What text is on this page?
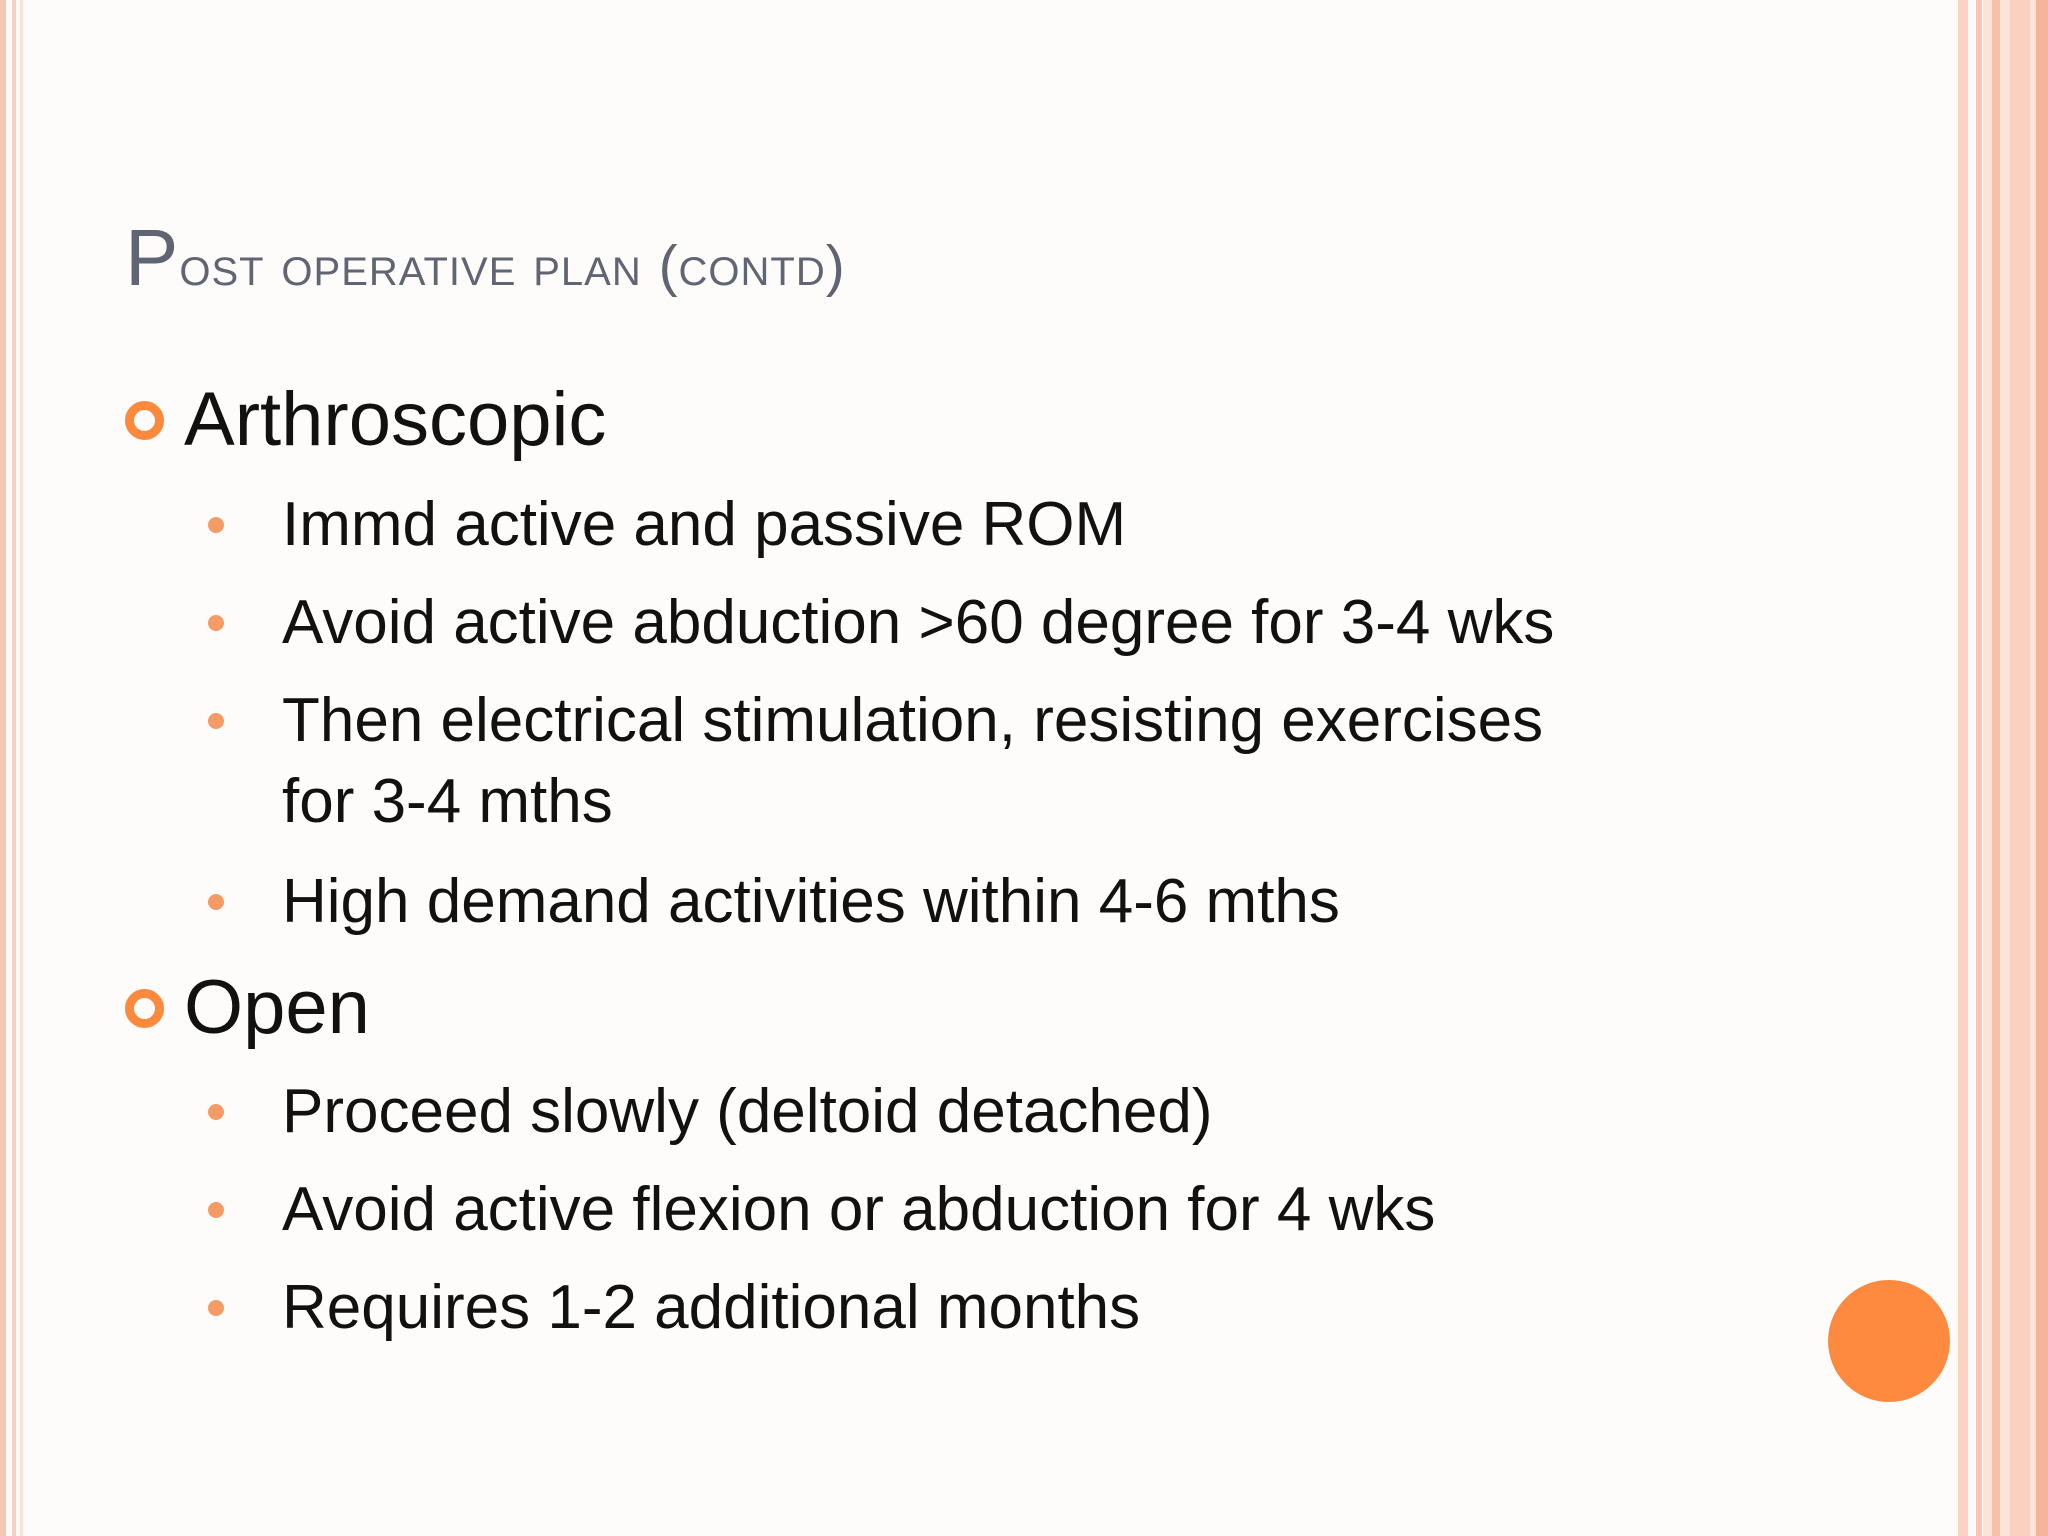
Post operative plan (contd)
Arthroscopic
Immd active and passive ROM
Avoid active abduction >60 degree for 3-4 wks
Then electrical stimulation, resisting exercises
for 3-4 mths
High demand activities within 4-6 mths
Open
Proceed slowly (deltoid detached)
Avoid active flexion or abduction for 4 wks
Requires 1-2 additional months
